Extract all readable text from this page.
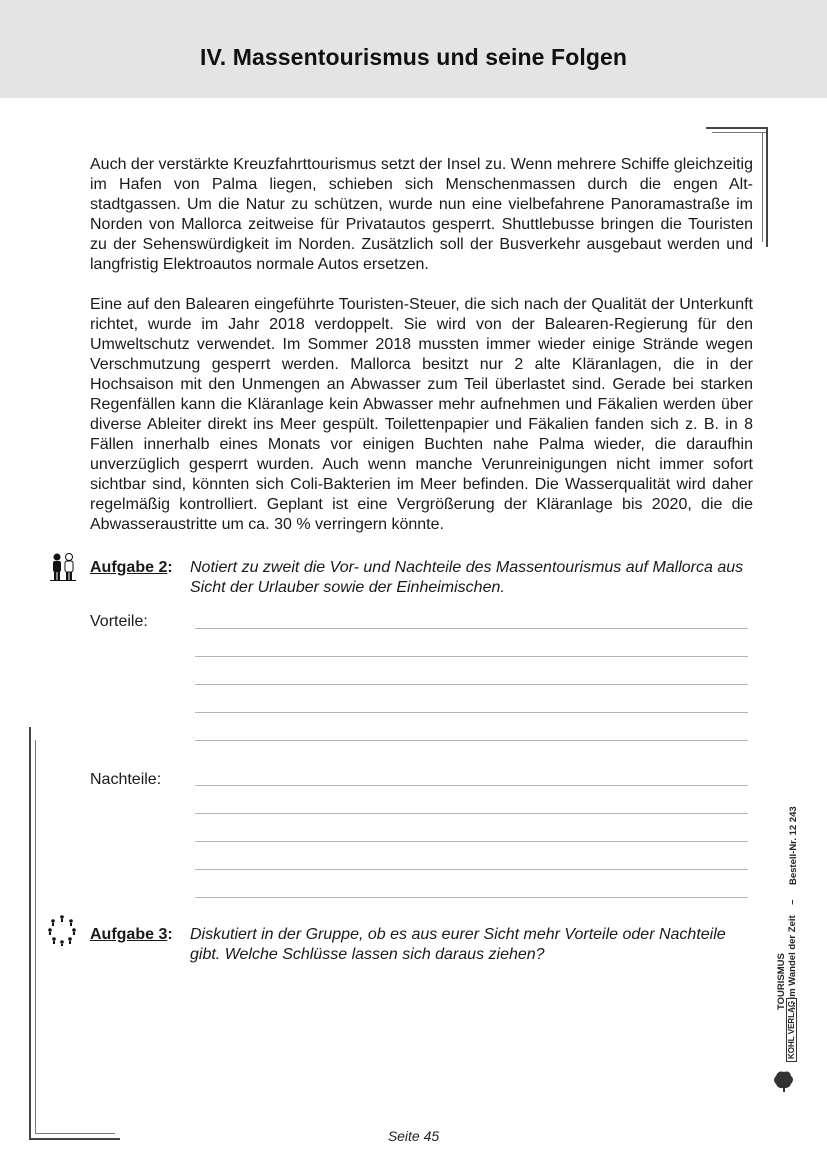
IV. Massentourismus und seine Folgen

Auch der verstärkte Kreuzfahrttourismus setzt der Insel zu. Wenn mehrere Schiffe gleichzeitig im Hafen von Palma liegen, schieben sich Menschenmassen durch die engen Altstadtgassen. Um die Natur zu schützen, wurde nun eine vielbefahrene Panoramastraße im Norden von Mallorca zeitweise für Privatautos gesperrt. Shuttlebusse bringen die Touristen zu der Sehenswürdigkeit im Norden. Zusätzlich soll der Busverkehr ausgebaut werden und langfristig Elektroautos normale Autos ersetzen.

Eine auf den Balearen eingeführte Touristen-Steuer, die sich nach der Qualität der Unterkunft richtet, wurde im Jahr 2018 verdoppelt. Sie wird von der Balearen-Regierung für den Umweltschutz verwendet. Im Sommer 2018 mussten immer wieder einige Strände wegen Verschmutzung gesperrt werden. Mallorca besitzt nur 2 alte Kläranlagen, die in der Hochsaison mit den Unmengen an Abwasser zum Teil überlastet sind. Gerade bei starken Regenfällen kann die Kläranlage kein Abwasser mehr aufnehmen und Fäkalien werden über diverse Ableiter direkt ins Meer gespült. Toilettenpapier und Fäkalien fanden sich z. B. in 8 Fällen innerhalb eines Monats vor einigen Buchten nahe Palma wieder, die daraufhin unverzüglich gesperrt wurden. Auch wenn manche Verunreinigungen nicht immer sofort sichtbar sind, könnten sich Coli-Bakterien im Meer befinden. Die Wasserqualität wird daher regelmäßig kontrolliert. Geplant ist eine Vergrößerung der Kläranlage bis 2020, die die Abwasseraustritte um ca. 30 % verringern könnte.

Aufgabe 2: Notiert zu zweit die Vor- und Nachteile des Massentourismus auf Mallorca aus Sicht der Urlauber sowie der Einheimischen.
Vorteile:
Nachteile:
Aufgabe 3: Diskutiert in der Gruppe, ob es aus eurer Sicht mehr Vorteile oder Nachteile gibt. Welche Schlüsse lassen sich daraus ziehen?	TOURISMUS ... im Wandel der Zeit    –
Bestell-Nr. 12 243
KOHL VERLAG
Seite 45
